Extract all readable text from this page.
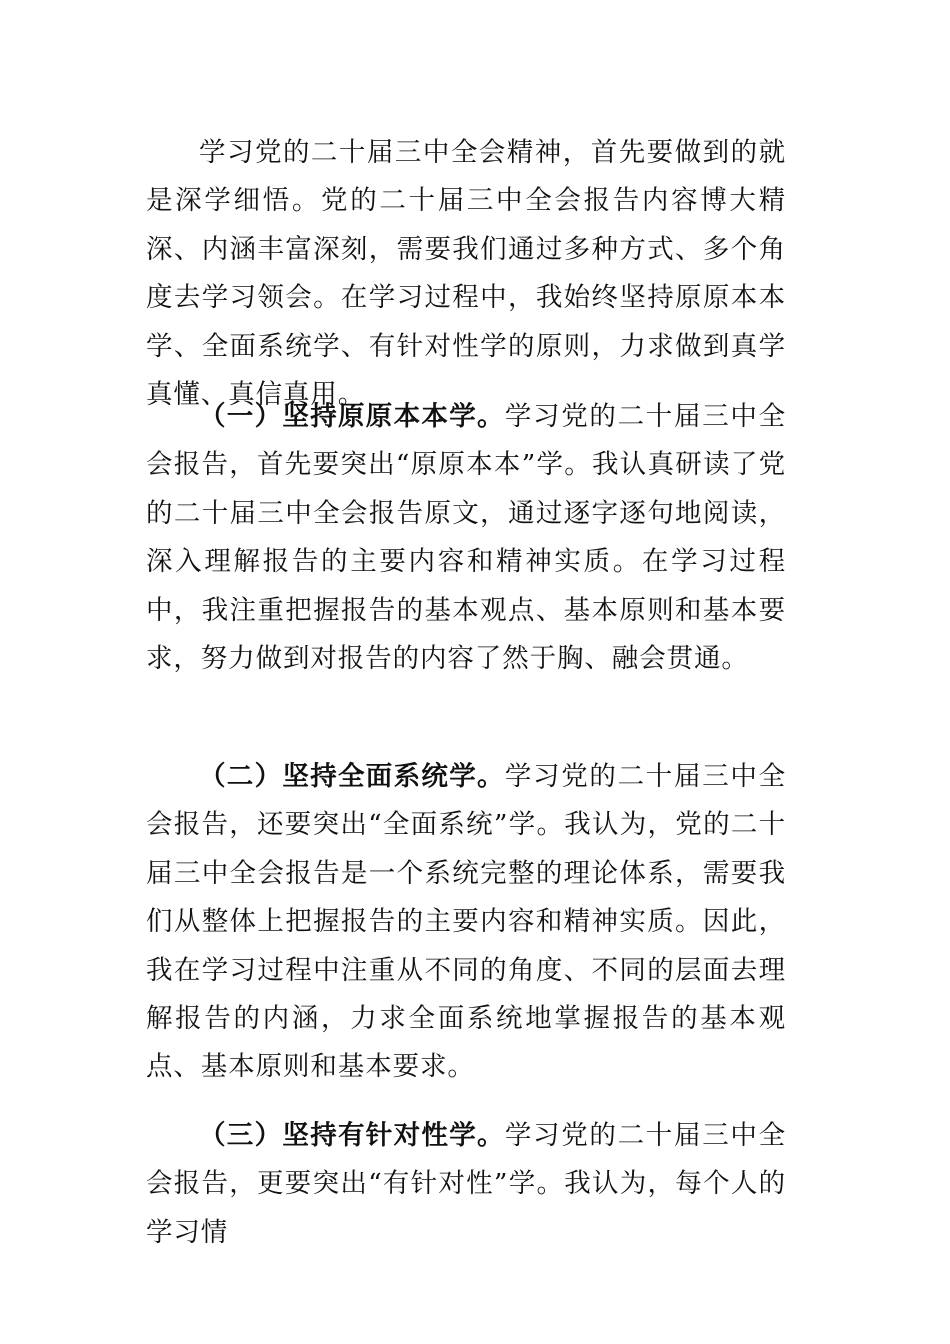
学习党的二十届三中全会精神，首先要做到的就是深学细悟。党的二十届三中全会报告内容博大精深、内涵丰富深刻，需要我们通过多种方式、多个角度去学习领会。在学习过程中，我始终坚持原原本本学、全面系统学、有针对性学的原则，力求做到真学真懂、真信真用。

（一）坚持原原本本学。学习党的二十届三中全会报告，首先要突出“原原本本”学。我认真研读了党的二十届三中全会报告原文，通过逐字逐句地阅读，深入理解报告的主要内容和精神实质。在学习过程中，我注重把握报告的基本观点、基本原则和基本要求，努力做到对报告的内容了然于胸、融会贯通。

（二）坚持全面系统学。学习党的二十届三中全会报告，还要突出“全面系统”学。我认为，党的二十届三中全会报告是一个系统完整的理论体系，需要我们从整体上把握报告的主要内容和精神实质。因此，我在学习过程中注重从不同的角度、不同的层面去理解报告的内涵，力求全面系统地掌握报告的基本观点、基本原则和基本要求。

（三）坚持有针对性学。学习党的二十届三中全会报告，更要突出“有针对性”学。我认为，每个人的学习情
